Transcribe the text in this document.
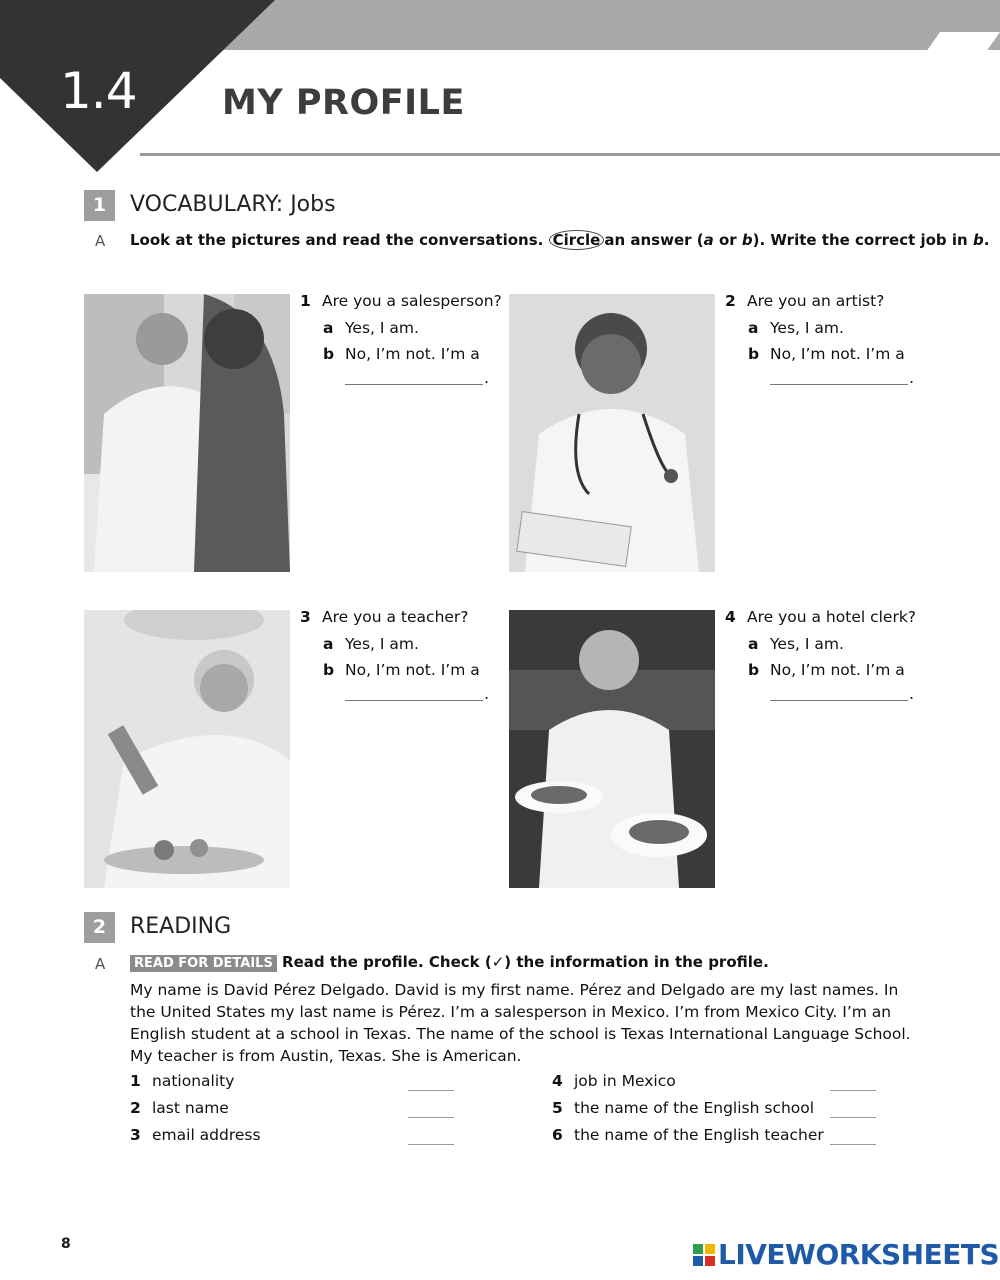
1.4 MY PROFILE
1	VOCABULARY: Jobs
A Look at the pictures and read the conversations. Circle an answer (a or b). Write the correct job in b.
1 Are you a salesperson?
a Yes, I am.
b No, I’m not. I’m a
.
2 Are you an artist?
a Yes, I am.
b No, I’m not. I’m a
.
3 Are you a teacher?
a Yes, I am.
b No, I’m not. I’m a
.
4 Are you a hotel clerk?
a Yes, I am.
b No, I’m not. I’m a
.
2	READING
A	READ FOR DETAILS Read the profile. Check (✓) the information in the profile.
My name is David Pérez Delgado. David is my first name. Pérez and Delgado are my last names. In the United States my last name is Pérez. I’m a salesperson in Mexico. I’m from Mexico City. I’m an English student at a school in Texas. The name of the school is Texas International Language School. My teacher is from Austin, Texas. She is American.
1 nationality
2 last name
3 email address
4 job in Mexico
5 the name of the English school
6 the name of the English teacher
8	LIVEWORKSHEETS
